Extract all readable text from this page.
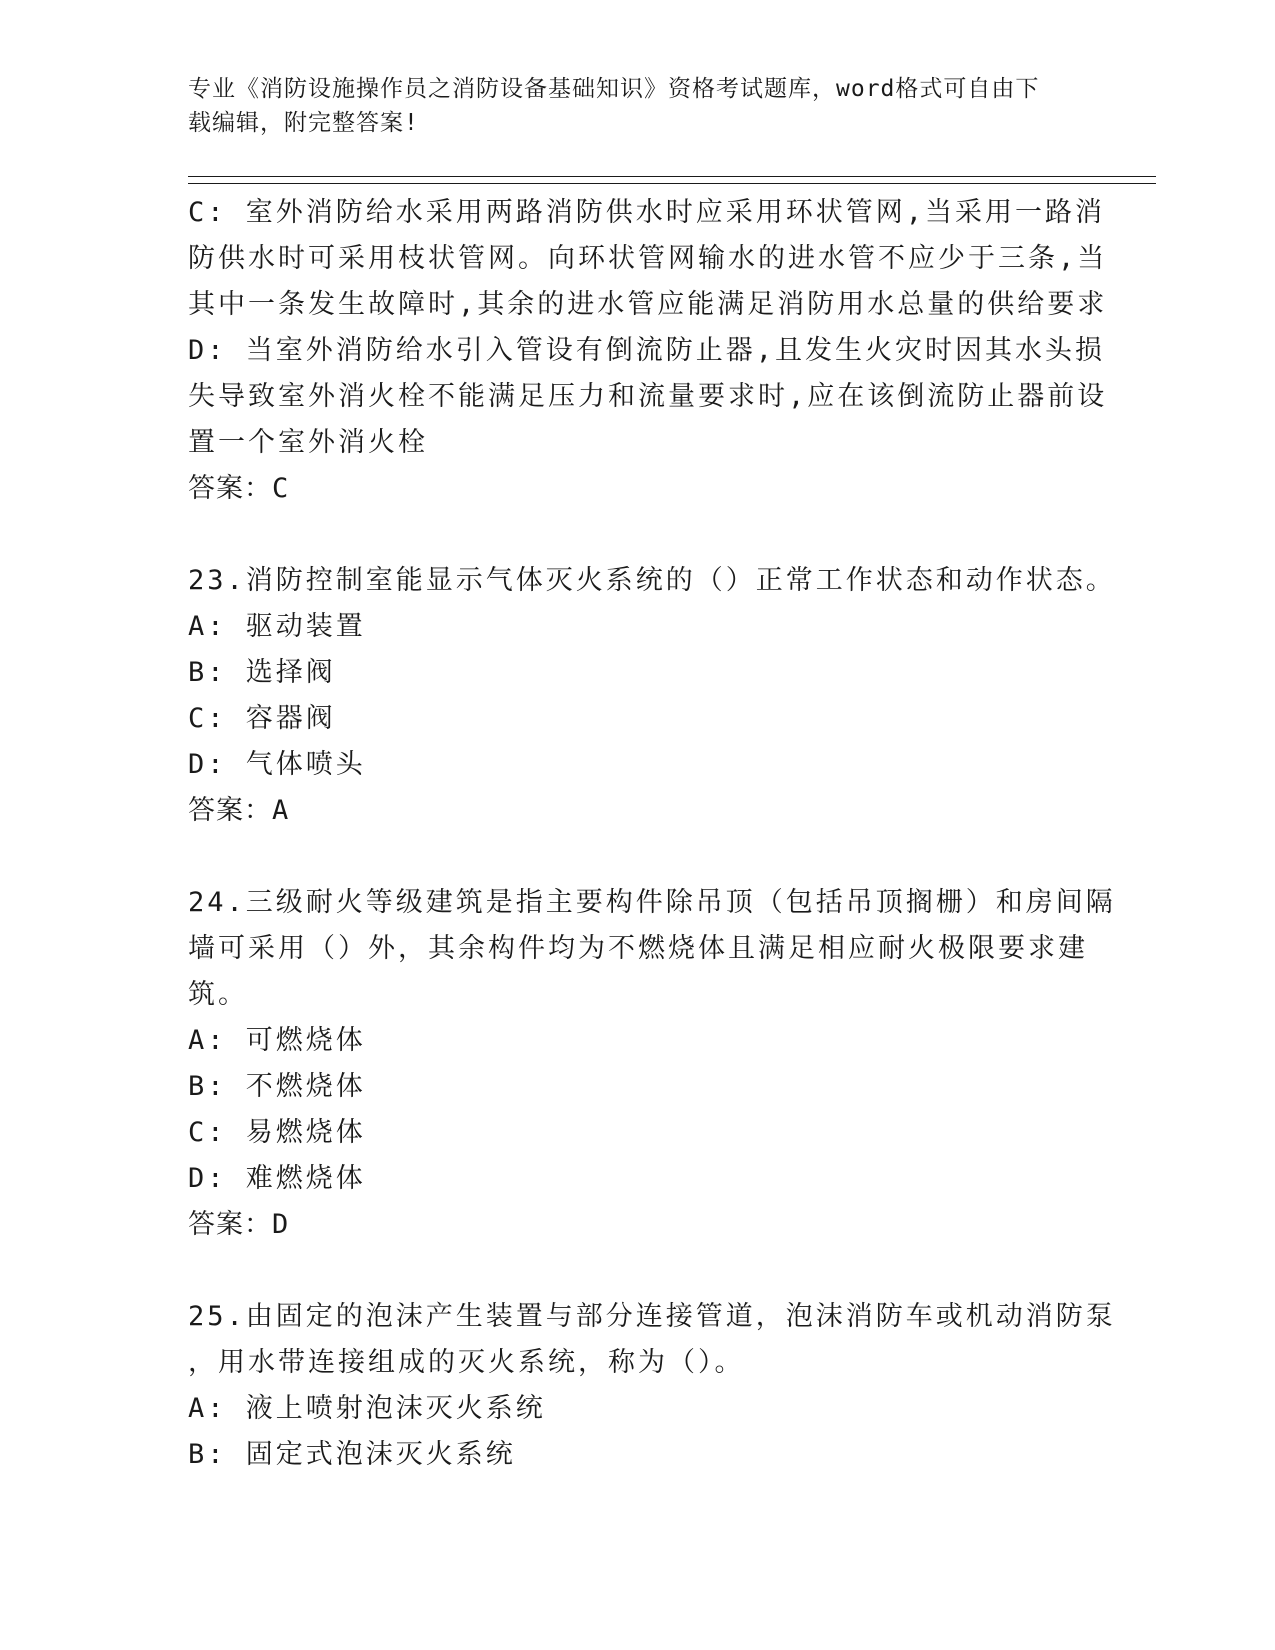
专业《消防设施操作员之消防设备基础知识》资格考试题库，word格式可自由下
载编辑，附完整答案!
C: 室外消防给水采用两路消防供水时应采用环状管网,当采用一路消
防供水时可采用枝状管网。向环状管网输水的进水管不应少于三条,当
其中一条发生故障时,其余的进水管应能满足消防用水总量的供给要求
D: 当室外消防给水引入管设有倒流防止器,且发生火灾时因其水头损
失导致室外消火栓不能满足压力和流量要求时,应在该倒流防止器前设
置一个室外消火栓
答案：C
23.消防控制室能显示气体灭火系统的（）正常工作状态和动作状态。
A: 驱动装置
B: 选择阀
C: 容器阀
D: 气体喷头
答案：A
24.三级耐火等级建筑是指主要构件除吊顶（包括吊顶搁栅）和房间隔
墙可采用（）外，其余构件均为不燃烧体且满足相应耐火极限要求建
筑。
A: 可燃烧体
B: 不燃烧体
C: 易燃烧体
D: 难燃烧体
答案：D
25.由固定的泡沫产生装置与部分连接管道，泡沫消防车或机动消防泵
，用水带连接组成的灭火系统，称为（）。
A: 液上喷射泡沫灭火系统
B: 固定式泡沫灭火系统
